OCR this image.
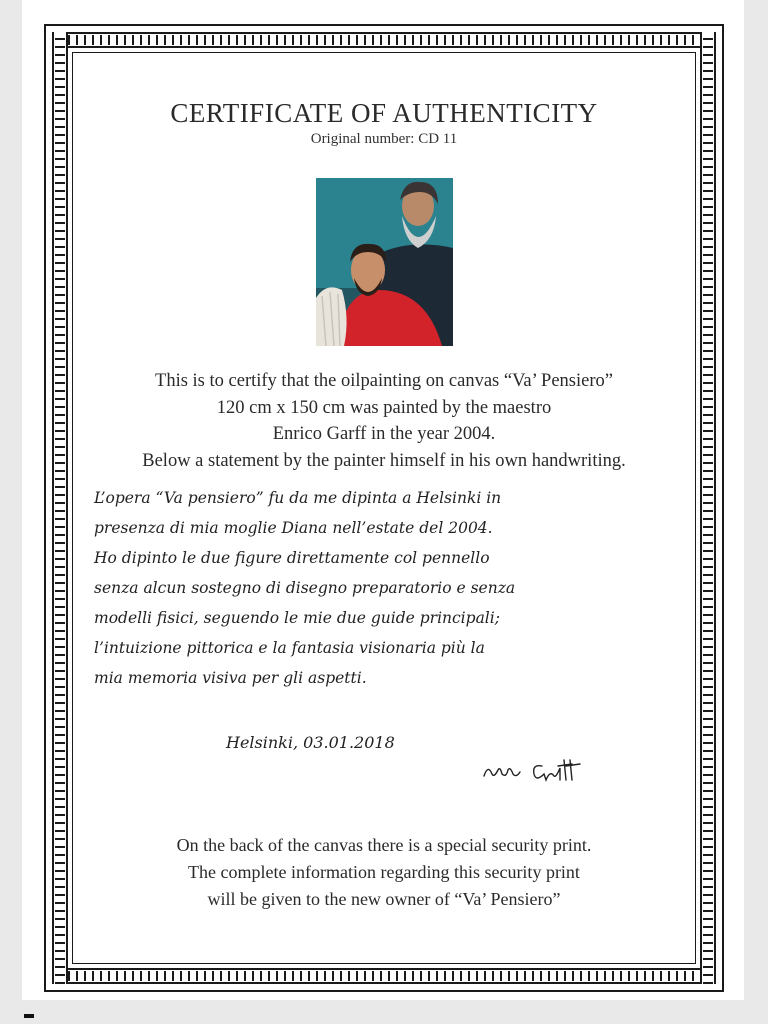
CERTIFICATE OF AUTHENTICITY
Original number: CD 11
This is to certify that the oilpainting on canvas “Va’ Pensiero”
120 cm x 150 cm was painted by the maestro
Enrico Garff in the year 2004.
Below a statement by the painter himself in his own handwriting.
L’opera “Va pensiero” fu da me dipinta a Helsinki in
presenza di mia moglie Diana nell’estate del 2004.
Ho dipinto le due figure direttamente col pennello
senza alcun sostegno di disegno preparatorio e senza
modelli fisici, seguendo le mie due guide principali;
l’intuizione pittorica e la fantasia visionaria più la
mia memoria visiva per gli aspetti.
Helsinki, 03.01.2018
On the back of the canvas there is a special security print.
The complete information regarding this security print
will be given to the new owner of “Va’ Pensiero”
